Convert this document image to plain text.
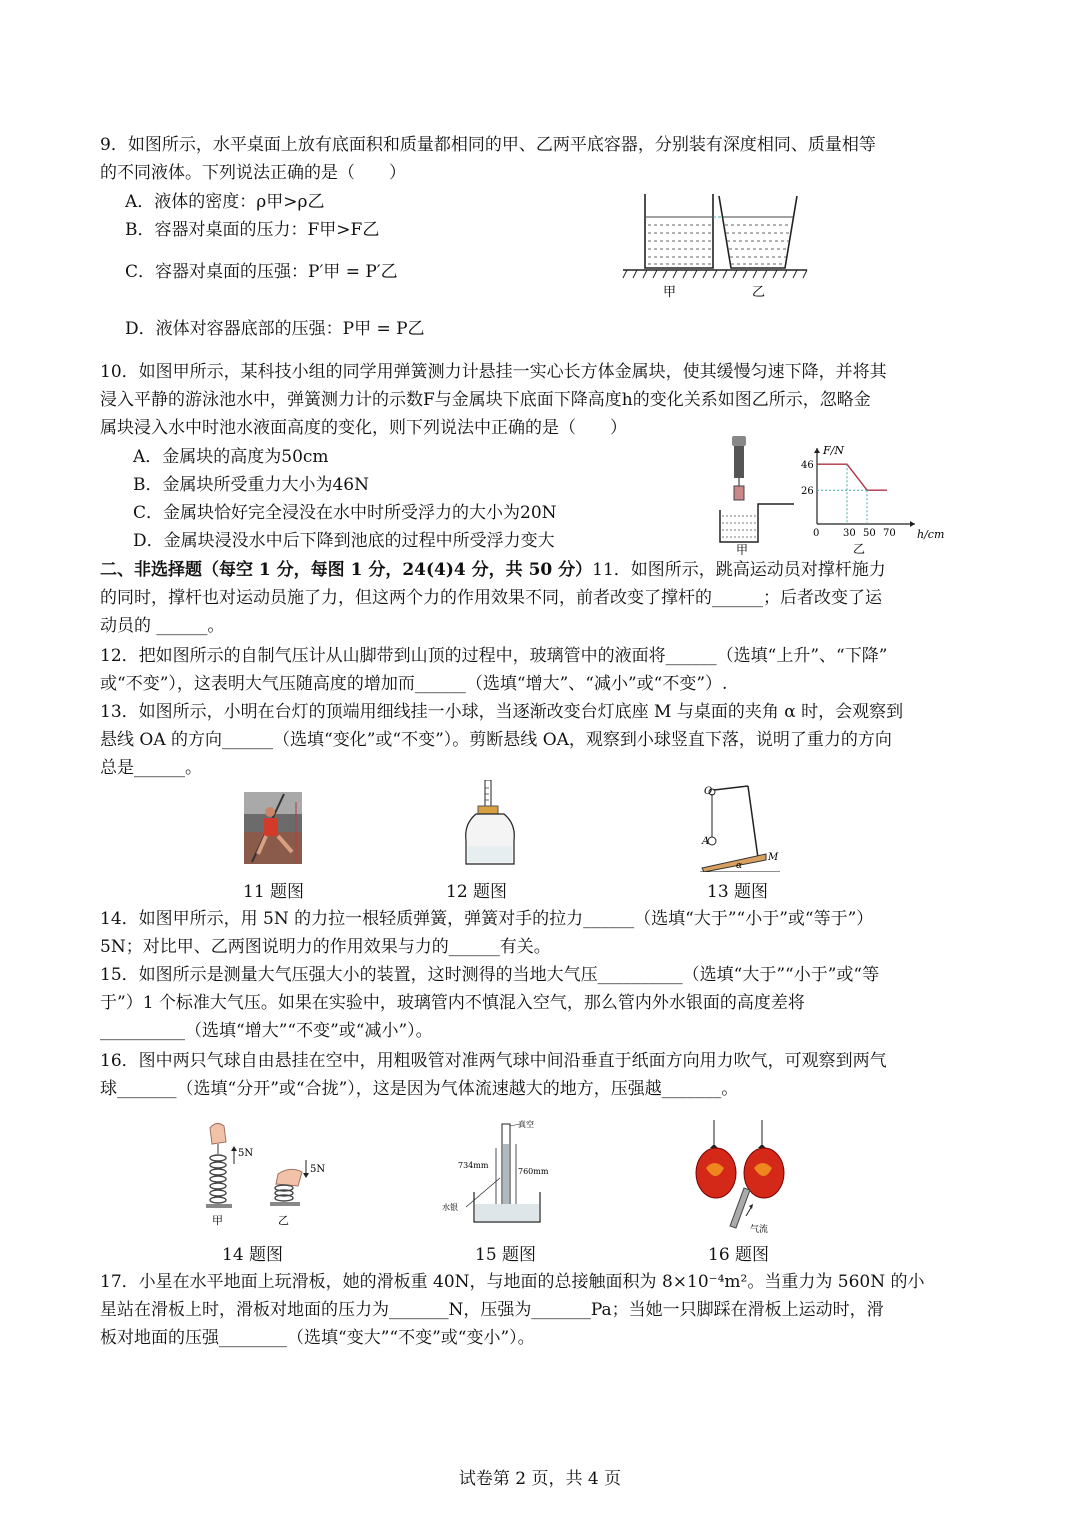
9．如图所示，水平桌面上放有底面积和质量都相同的甲、乙两平底容器，分别装有深度相同、质量相等
的不同液体。下列说法正确的是（　　）
A．液体的密度：ρ甲>ρ乙
B．容器对桌面的压力：F甲>F乙
C．容器对桌面的压强：P′甲 = P′乙
D．液体对容器底部的压强：P甲 = P乙
甲	乙
10．如图甲所示，某科技小组的同学用弹簧测力计悬挂一实心长方体金属块，使其缓慢匀速下降，并将其
浸入平静的游泳池水中，弹簧测力计的示数F与金属块下底面下降高度h的变化关系如图乙所示，忽略金
属块浸入水中时池水液面高度的变化，则下列说法中正确的是（　　）
A．金属块的高度为50cm
B．金属块所受重力大小为46N
C．金属块恰好完全浸没在水中时所受浮力的大小为20N
D．金属块浸没水中后下降到池底的过程中所受浮力变大	甲
F/N
h/cm
0 30 50 70
46
26
乙
二、非选择题（每空 1 分，每图 1 分，24(4)4 分，共 50 分）11．如图所示，跳高运动员对撑杆施力
的同时，撑杆也对运动员施了力，但这两个力的作用效果不同，前者改变了撑杆的______；后者改变了运
动员的 ______。
12．把如图所示的自制气压计从山脚带到山顶的过程中，玻璃管中的液面将______（选填“上升”、“下降”
或“不变”），这表明大气压随高度的增加而______（选填“增大”、“减小”或“不变”）.
13．如图所示，小明在台灯的顶端用细线挂一小球，当逐渐改变台灯底座 M 与桌面的夹角 α 时，会观察到
悬线 OA 的方向______（选填“变化”或“不变”）。剪断悬线 OA，观察到小球竖直下落，说明了重力的方向
总是______。
O
A
M
α
11 题图	12 题图	13 题图
14．如图甲所示，用 5N 的力拉一根轻质弹簧，弹簧对手的拉力______（选填“大于”“小于”或“等于”）
5N；对比甲、乙两图说明力的作用效果与力的______有关。
15．如图所示是测量大气压强大小的装置，这时测得的当地大气压__________（选填“大于”“小于”或“等
于”）1 个标准大气压。如果在实验中，玻璃管内不慎混入空气，那么管内外水银面的高度差将
__________（选填“增大”“不变”或“减小”）。
16．图中两只气球自由悬挂在空中，用粗吸管对准两气球中间沿垂直于纸面方向用力吹气，可观察到两气
球_______（选填“分开”或“合拢”），这是因为气体流速越大的地方，压强越_______。
5N
5N
甲	乙
真空
760mm
734mm
水银
气流
14 题图	15 题图	16 题图
17．小星在水平地面上玩滑板，她的滑板重 40N，与地面的总接触面积为 8×10⁻⁴m²。当重力为 560N 的小
星站在滑板上时，滑板对地面的压力为_______N，压强为_______Pa；当她一只脚踩在滑板上运动时，滑
板对地面的压强________（选填“变大”“不变”或“变小”）。
试卷第 2 页，共 4 页
